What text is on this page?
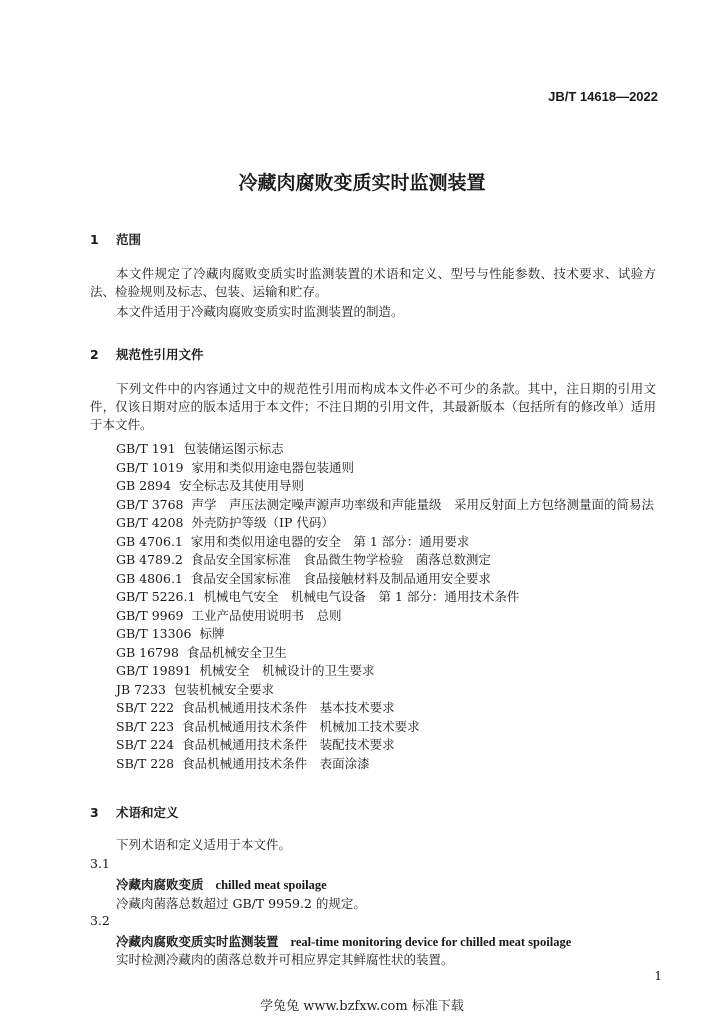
JB/T 14618—2022
冷藏肉腐败变质实时监测装置
1 范围
本文件规定了冷藏肉腐败变质实时监测装置的术语和定义、型号与性能参数、技术要求、试验方法、检验规则及标志、包装、运输和贮存。
本文件适用于冷藏肉腐败变质实时监测装置的制造。
2 规范性引用文件
下列文件中的内容通过文中的规范性引用而构成本文件必不可少的条款。其中，注日期的引用文件，仅该日期对应的版本适用于本文件；不注日期的引用文件，其最新版本（包括所有的修改单）适用于本文件。
GB/T 191 包装储运图示标志
GB/T 1019 家用和类似用途电器包装通则
GB 2894 安全标志及其使用导则
GB/T 3768 声学　声压法测定噪声源声功率级和声能量级　采用反射面上方包络测量面的简易法
GB/T 4208 外壳防护等级（IP 代码）
GB 4706.1 家用和类似用途电器的安全　第 1 部分：通用要求
GB 4789.2 食品安全国家标准　食品微生物学检验　菌落总数测定
GB 4806.1 食品安全国家标准　食品接触材料及制品通用安全要求
GB/T 5226.1 机械电气安全　机械电气设备　第 1 部分：通用技术条件
GB/T 9969 工业产品使用说明书　总则
GB/T 13306 标牌
GB 16798 食品机械安全卫生
GB/T 19891 机械安全　机械设计的卫生要求
JB 7233 包装机械安全要求
SB/T 222 食品机械通用技术条件　基本技术要求
SB/T 223 食品机械通用技术条件　机械加工技术要求
SB/T 224 食品机械通用技术条件　装配技术要求
SB/T 228 食品机械通用技术条件　表面涂漆
3 术语和定义
下列术语和定义适用于本文件。
3.1
冷藏肉腐败变质 chilled meat spoilage
冷藏肉菌落总数超过 GB/T 9959.2 的规定。
3.2
冷藏肉腐败变质实时监测装置 real-time monitoring device for chilled meat spoilage
实时检测冷藏肉的菌落总数并可相应界定其鲜腐性状的装置。
1
学兔兔 www.bzfxw.com 标准下载
